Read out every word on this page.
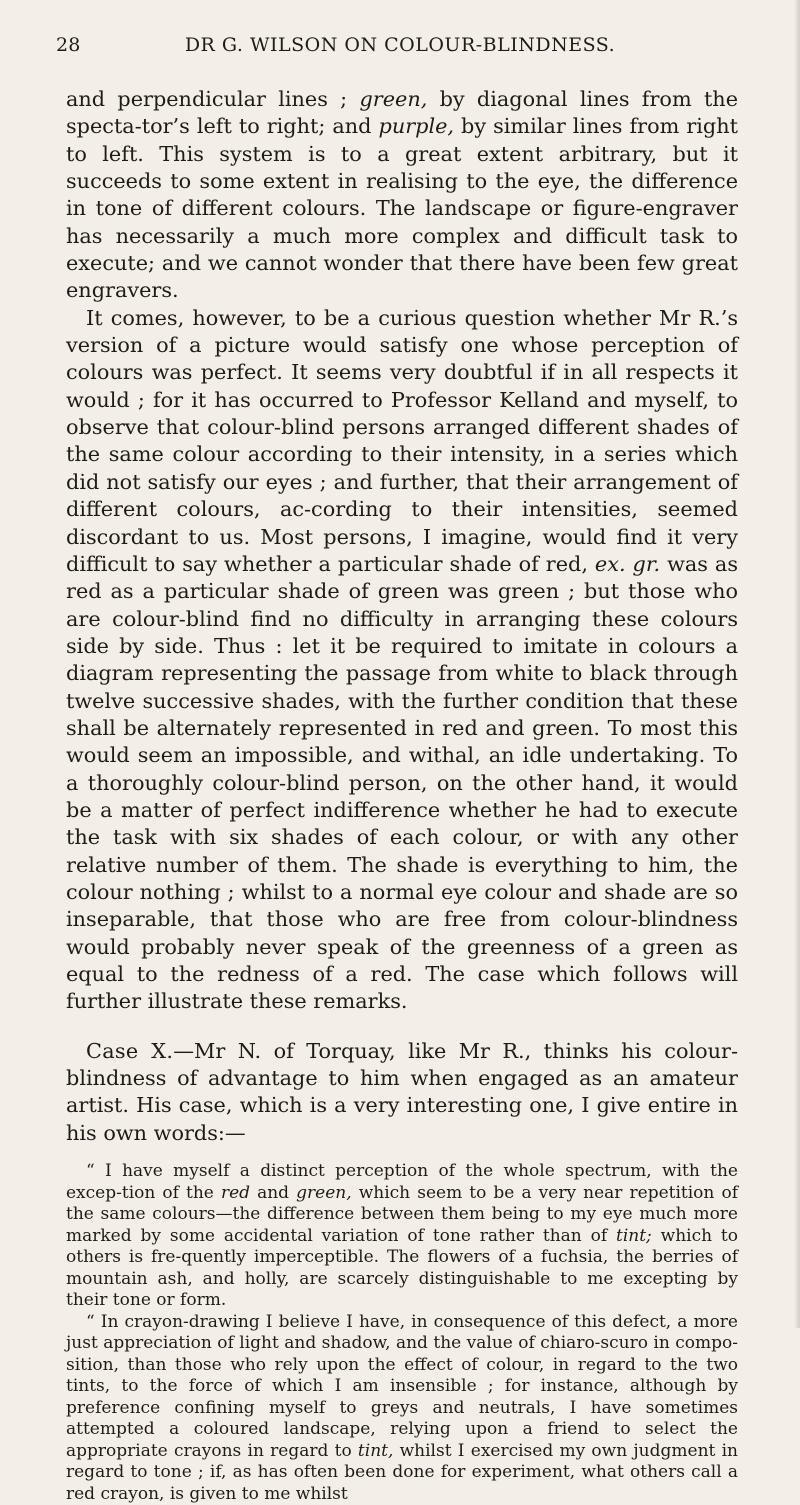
28	DR G. WILSON ON COLOUR-BLINDNESS.

and perpendicular lines ; green, by diagonal lines from the specta-tor’s left to right; and purple, by similar lines from right to left. This system is to a great extent arbitrary, but it succeeds to some extent in realising to the eye, the difference in tone of different colours. The landscape or figure-engraver has necessarily a much more complex and difficult task to execute; and we cannot wonder that there have been few great engravers.

It comes, however, to be a curious question whether Mr R.’s version of a picture would satisfy one whose perception of colours was perfect. It seems very doubtful if in all respects it would ; for it has occurred to Professor Kelland and myself, to observe that colour-blind persons arranged different shades of the same colour according to their intensity, in a series which did not satisfy our eyes ; and further, that their arrangement of different colours, ac-cording to their intensities, seemed discordant to us. Most persons, I imagine, would find it very difficult to say whether a particular shade of red, ex. gr. was as red as a particular shade of green was green ; but those who are colour-blind find no difficulty in arranging these colours side by side. Thus : let it be required to imitate in colours a diagram representing the passage from white to black through twelve successive shades, with the further condition that these shall be alternately represented in red and green. To most this would seem an impossible, and withal, an idle undertaking. To a thoroughly colour-blind person, on the other hand, it would be a matter of perfect indifference whether he had to execute the task with six shades of each colour, or with any other relative number of them. The shade is everything to him, the colour nothing ; whilst to a normal eye colour and shade are so inseparable, that those who are free from colour-blindness would probably never speak of the greenness of a green as equal to the redness of a red. The case which follows will further illustrate these remarks.

Case X.—Mr N. of Torquay, like Mr R., thinks his colour-blindness of advantage to him when engaged as an amateur artist. His case, which is a very interesting one, I give entire in his own words:—

“ I have myself a distinct perception of the whole spectrum, with the excep-tion of the red and green, which seem to be a very near repetition of the same colours—the difference between them being to my eye much more marked by some accidental variation of tone rather than of tint; which to others is fre-quently imperceptible. The flowers of a fuchsia, the berries of mountain ash, and holly, are scarcely distinguishable to me excepting by their tone or form.

“ In crayon-drawing I believe I have, in consequence of this defect, a more just appreciation of light and shadow, and the value of chiaro-scuro in compo-sition, than those who rely upon the effect of colour, in regard to the two tints, to the force of which I am insensible ; for instance, although by preference confining myself to greys and neutrals, I have sometimes attempted a coloured landscape, relying upon a friend to select the appropriate crayons in regard to tint, whilst I exercised my own judgment in regard to tone ; if, as has often been done for experiment, what others call a red crayon, is given to me whilst
